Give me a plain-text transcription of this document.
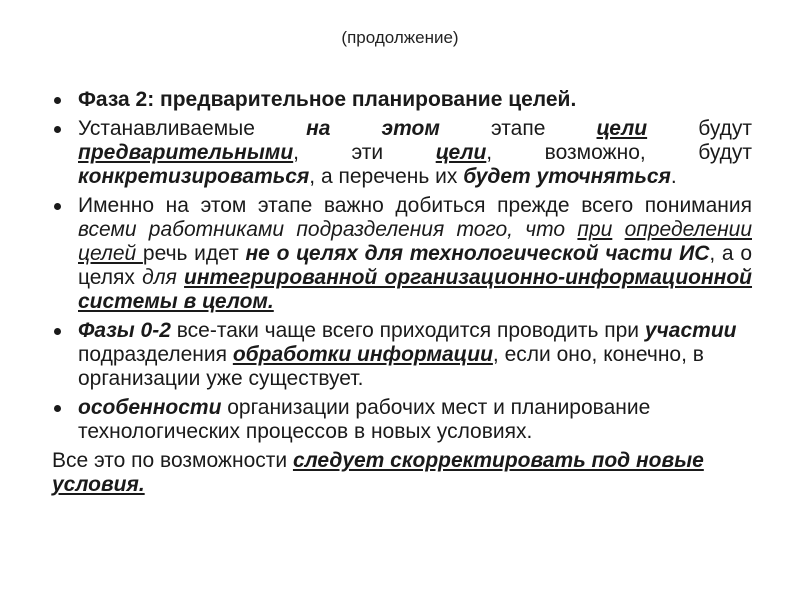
(продолжение)
Фаза 2: предварительное планирование целей.
Устанавливаемые на этом этапе цели будут предварительными, эти цели, возможно, будут конкретизироваться, а перечень их будет уточняться.
Именно на этом этапе важно добиться прежде всего понимания всеми работниками подразделения того, что при определении целей речь идет не о целях для технологической части ИС, а о целях для интегрированной организационно-информационной системы в целом.
Фазы 0-2 все-таки чаще всего приходится проводить при участии подразделения обработки информации, если оно, конечно, в организации уже существует.
особенности организации рабочих мест и планирование технологических процессов в новых условиях.
Все это по возможности следует скорректировать под новые условия.
